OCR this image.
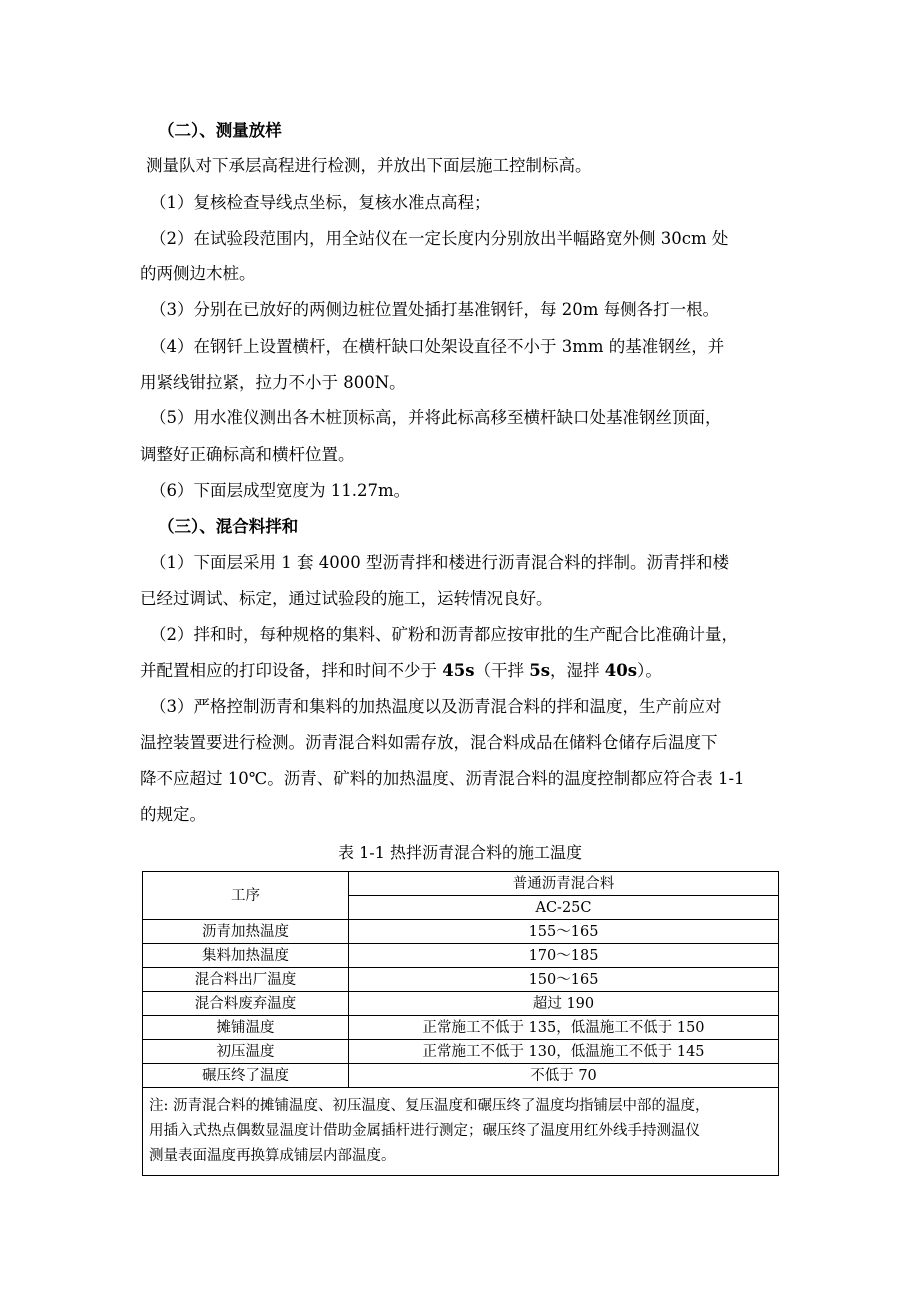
（二）、测量放样
测量队对下承层高程进行检测，并放出下面层施工控制标高。
（1）复核检查导线点坐标，复核水准点高程；
（2）在试验段范围内，用全站仪在一定长度内分别放出半幅路宽外侧 30cm 处
的两侧边木桩。
（3）分别在已放好的两侧边桩位置处插打基准钢钎，每 20m 每侧各打一根。
（4）在钢钎上设置横杆，在横杆缺口处架设直径不小于 3mm 的基准钢丝，并
用紧线钳拉紧，拉力不小于 800N。
（5）用水准仪测出各木桩顶标高，并将此标高移至横杆缺口处基准钢丝顶面，
调整好正确标高和横杆位置。
（6）下面层成型宽度为 11.27m。
（三）、混合料拌和
（1）下面层采用 1 套 4000 型沥青拌和楼进行沥青混合料的拌制。沥青拌和楼
已经过调试、标定，通过试验段的施工，运转情况良好。
（2）拌和时，每种规格的集料、矿粉和沥青都应按审批的生产配合比准确计量，
并配置相应的打印设备，拌和时间不少于 45s（干拌 5s，湿拌 40s）。
（3）严格控制沥青和集料的加热温度以及沥青混合料的拌和温度，生产前应对
温控装置要进行检测。沥青混合料如需存放，混合料成品在储料仓储存后温度下
降不应超过 10℃。沥青、矿料的加热温度、沥青混合料的温度控制都应符合表 1-1
的规定。
表 1-1 热拌沥青混合料的施工温度
工序	普通沥青混合料
	AC-25C
沥青加热温度	155～165
集料加热温度	170～185
混合料出厂温度	150～165
混合料废弃温度	超过 190
摊铺温度	正常施工不低于 135，低温施工不低于 150
初压温度	正常施工不低于 130，低温施工不低于 145
碾压终了温度	不低于 70

注: 沥青混合料的摊铺温度、初压温度、复压温度和碾压终了温度均指铺层中部的温度，
用插入式热点偶数显温度计借助金属插杆进行测定；碾压终了温度用红外线手持测温仪
测量表面温度再换算成铺层内部温度。	
